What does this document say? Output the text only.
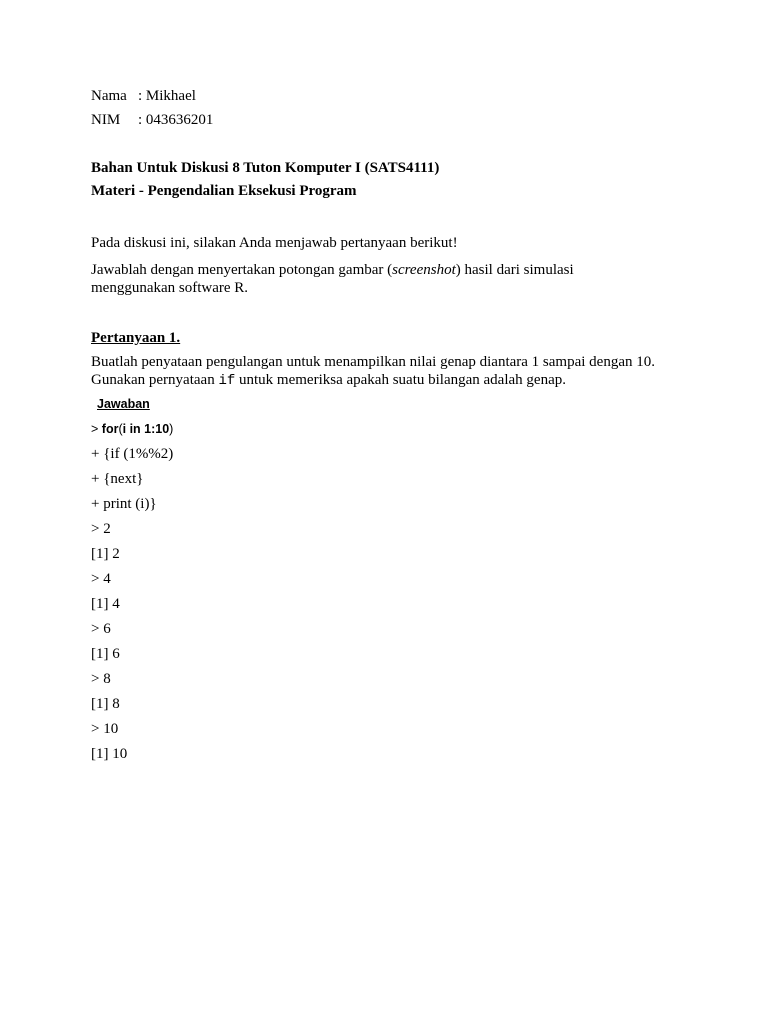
Nama : Mikhael
NIM : 043636201
Bahan Untuk Diskusi 8 Tuton Komputer I (SATS4111)
Materi - Pengendalian Eksekusi Program
Pada diskusi ini, silakan Anda menjawab pertanyaan berikut!
Jawablah dengan menyertakan potongan gambar (screenshot) hasil dari simulasi menggunakan software R.
Pertanyaan 1.
Buatlah penyataan pengulangan untuk menampilkan nilai genap diantara 1 sampai dengan 10.
Gunakan pernyataan if untuk memeriksa apakah suatu bilangan adalah genap.
Jawaban
> for(i in 1:10)
+ {if (1%%2)
+ {next}
+ print (i)}
> 2
[1] 2
> 4
[1] 4
> 6
[1] 6
> 8
[1] 8
> 10
[1] 10
